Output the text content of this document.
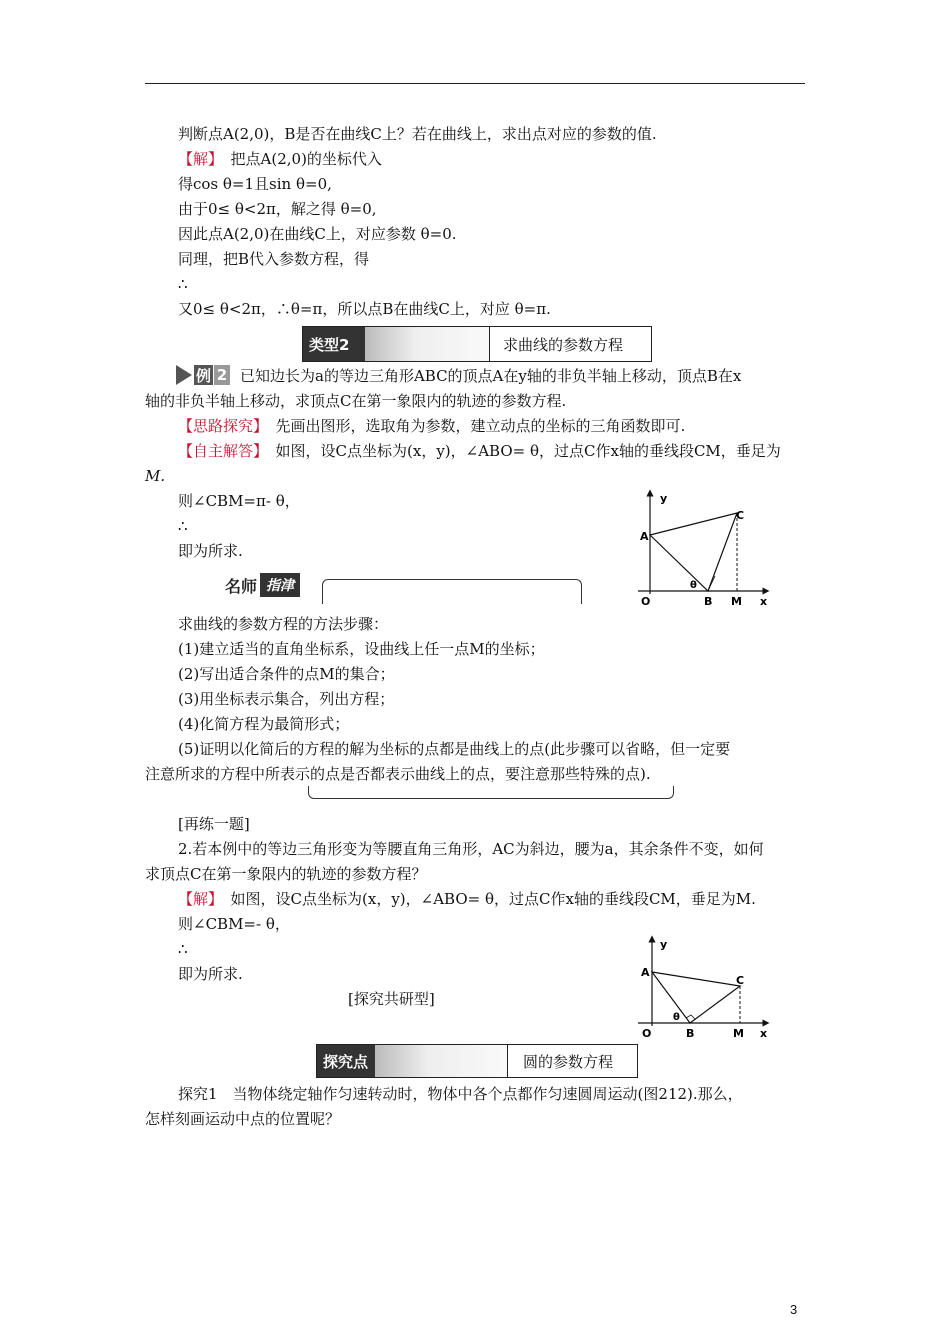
判断点A(2,0)，B是否在曲线C上？若在曲线上，求出点对应的参数的值.
【解】　 把点A(2,0)的坐标代入
得cos θ=1且sin θ=0,
由于0≤ θ<2π，解之得 θ=0,
因此点A(2,0)在曲线C上，对应参数 θ=0.
同理，把B代入参数方程，得
∴
又0≤ θ<2π，∴θ=π，所以点B在曲线C上，对应 θ=π.
类型2	求曲线的参数方程
例 2 已知边长为a的等边三角形ABC的顶点A在y轴的非负半轴上移动，顶点B在x
轴的非负半轴上移动，求顶点C在第一象限内的轨迹的参数方程.
【思路探究】　 先画出图形，选取角为参数，建立动点的坐标的三角函数即可.
【自主解答】　 如图，设C点坐标为(x，y)，∠ABO= θ，过点C作x轴的垂线段CM，垂足为
M.
则∠CBM=π- θ，
∴
即为所求.
y
x
A
C
O	B M
θ
名师 指津
求曲线的参数方程的方法步骤：
(1)建立适当的直角坐标系，设曲线上任一点M的坐标；
(2)写出适合条件的点M的集合；
(3)用坐标表示集合，列出方程；
(4)化简方程为最简形式；
(5)证明以化简后的方程的解为坐标的点都是曲线上的点(此步骤可以省略，但一定要
注意所求的方程中所表示的点是否都表示曲线上的点，要注意那些特殊的点).
[再练一题]
2.若本例中的等边三角形变为等腰直角三角形，AC为斜边，腰为a，其余条件不变，如何
求顶点C在第一象限内的轨迹的参数方程？
【解】　 如图，设C点坐标为(x，y)，∠ABO= θ，过点C作x轴的垂线段CM，垂足为M.
则∠CBM=- θ，
∴
即为所求.
y
x
A
C
O	B	M
θ
[探究共研型]
探究点	圆的参数方程
探究1　当物体绕定轴作匀速转动时，物体中各个点都作匀速圆周运动(图212).那么，
怎样刻画运动中点的位置呢？
3
